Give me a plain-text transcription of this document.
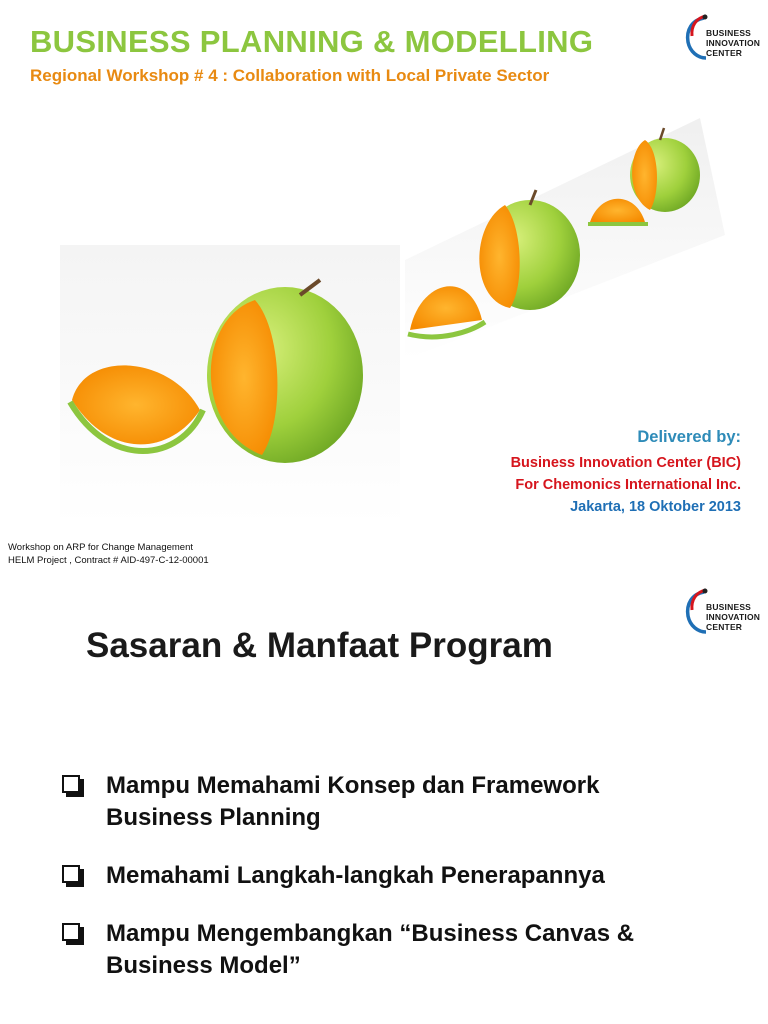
BUSINESS PLANNING & MODELLING
Regional Workshop # 4 : Collaboration with Local Private Sector
BUSINESS
INNOVATION
CENTER
Delivered by:
Business Innovation Center (BIC)
For Chemonics International Inc.
Jakarta, 18 Oktober 2013
Workshop on ARP for Change Management
HELM Project , Contract # AID-497-C-12-00001
BUSINESS
INNOVATION
CENTER
Sasaran & Manfaat Program
Mampu Memahami Konsep dan Framework
Business Planning
Memahami Langkah-langkah Penerapannya
Mampu Mengembangkan “Business Canvas &
Business Model”
